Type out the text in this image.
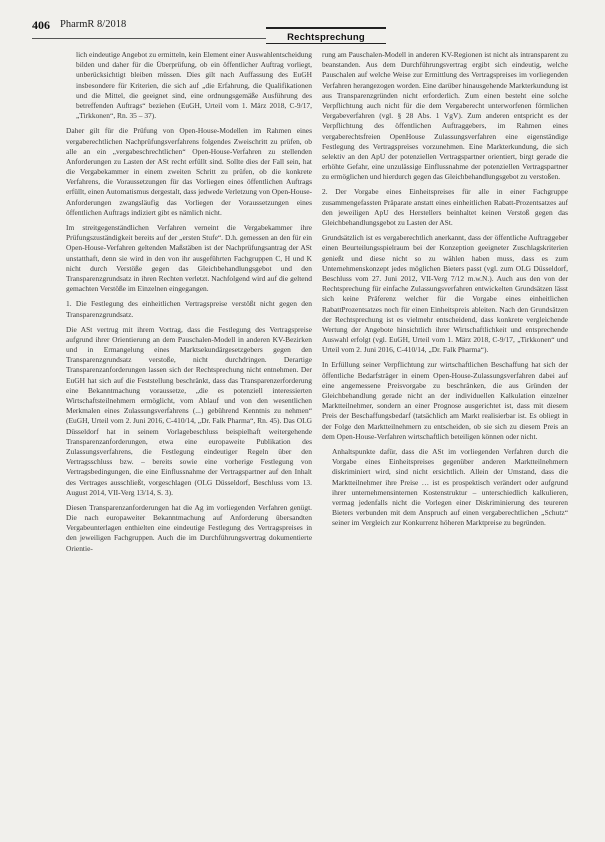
406 PharmR 8/2018
Rechtsprechung

lich eindeutige Angebot zu ermitteln, kein Element einer Auswahlentscheidung bilden und daher für die Überprüfung, ob ein öffentlicher Auftrag vorliegt, unberücksichtigt bleiben müssen. Dies gilt nach Auffassung des EuGH insbesondere für Kriterien, die sich auf „die Erfahrung, die Qualifikationen und die Mittel, die geeignet sind, eine ordnungsgemäße Ausführung des betreffenden Auftrags“ beziehen (EuGH, Urteil vom 1. März 2018, C-9/17, „Tirkkonen“, Rn. 35 – 37).

Daher gilt für die Prüfung von Open-House-Modellen im Rahmen eines vergaberechtlichen Nachprüfungsverfahrens folgendes Zweischritt zu prüfen, ob alle an ein „vergabeschrechtlichen“ Open-House-Verfahren zu stellenden Anforderungen zu Lasten der ASt recht erfüllt sind. Sollte dies der Fall sein, hat die Vergabekammer in einem zweiten Schritt zu prüfen, ob die konkrete Verfahrens, die Voraussetzungen für das Vorliegen eines öffentlichen Auftrags erfüllt, einen Automatismus dergestalt, dass jedwede Verletzung von Open-House-Anforderungen zwangsläufig das Vorliegen der Voraussetzungen eines öffentlichen Auftrags indiziert gibt es nämlich nicht.

Im streitgegenständlichen Verfahren verneint die Vergabekammer ihre Prüfungszuständigkeit bereits auf der „ersten Stufe“. D.h. gemessen an den für ein Open-House-Verfahren geltenden Maßstäben ist der Nachprüfungsantrag der ASt unstatthaft, denn sie wird in den von ihr ausgeführten Fachgruppen C, H und K nicht durch Verstöße gegen das Gleichbehandlungsgebot und den Transparenzgrundsatz in ihren Rechten verletzt. Nachfolgend wird auf die geltend gemachten Verstöße im Einzelnen eingegangen.

1. Die Festlegung des einheitlichen Vertragspreise verstößt nicht gegen den Transparenzgrundsatz.

Die ASt vertrug mit ihrem Vortrag, dass die Festlegung des Vertragspreise aufgrund ihrer Orientierung an dem Pauschalen-Modell in anderen KV-Bezirken und in Ermangelung eines Marktsekundärgesetzgebers gegen den Transparenzgrundsatz verstoße, nicht durchdringen. Derartige Transparenzanforderungen lassen sich der Rechtsprechung nicht entnehmen. Der EuGH hat sich auf die Feststellung beschränkt, dass das Transparenzerforderung eine Bekanntmachung voraussetze, „die es potenziell interessierten Wirtschaftsteilnehmern ermöglicht, vom Ablauf und von den wesentlichen Merkmalen eines Zulassungsverfahrens (...) gebührend Kenntnis zu nehmen“ (EuGH, Urteil vom 2. Juni 2016, C-410/14, „Dr. Falk Pharma“, Rn. 45). Das OLG Düsseldorf hat in seinem Vorlagebeschluss beispielhaft weitergehende Transparenzanforderungen, etwa eine europaweite Publikation des Zulassungsverfahrens, die Festlegung eindeutiger Regeln über den Vertragsschluss bzw. – bereits sowie eine vorherige Festlegung von Vertragsbedingungen, die eine Einflussnahme der Vertragspartner auf den Inhalt des Vertrages ausschließt, vorgeschlagen (OLG Düsseldorf, Beschluss vom 13. August 2014, VII-Verg 13/14, S. 3).

Diesen Transparenzanforderungen hat die Ag im vorliegenden Verfahren genügt. Die nach europaweiter Bekanntmachung auf Anforderung übersandten Vergabeunterlagen enthielten eine eindeutige Festlegung des Vertragspreises in den jeweiligen Fachgruppen. Auch die im Durchführungsvertrag dokumentierte Orientie-

rung am Pauschalen-Modell in anderen KV-Regionen ist nicht als intransparent zu beanstanden. Aus dem Durchführungsvertrag ergibt sich eindeutig, welche Pauschalen auf welche Weise zur Ermittlung des Vertragspreises im vorliegenden Verfahren herangezogen worden. Eine darüber hinausgehende Markterkundung ist aus Transparenzgründen nicht erforderlich. Zum einen besteht eine solche Verpflichtung auch nicht für die dem Vergaberecht unterworfenen förmlichen Vergabeverfahren (vgl. § 28 Abs. 1 VgV). Zum anderen entspricht es der Verpflichtung des öffentlichen Auftraggebers, im Rahmen eines vergaberechtsfreien OpenHouse Zulassungsverfahren eine eigenständige Festlegung des Vertragspreises vorzunehmen. Eine Markterkundung, die sich selektiv an den ApU der potenziellen Vertragspartner orientiert, birgt gerade die erhöhte Gefahr, eine unzulässige Einflussnahme der potenziellen Vertragspartner zu ermöglichen und hierdurch gegen das Gleichbehandlungsgebot zu verstoßen.

2. Der Vorgabe eines Einheitspreises für alle in einer Fachgruppe zusammengefassten Präparate anstatt eines einheitlichen Rabatt-Prozentsatzes auf den jeweiligen ApU des Herstellers beinhaltet keinen Verstoß gegen das Gleichbehandlungsgebot zu Lasten der ASt.

Grundsätzlich ist es vergaberechtlich anerkannt, dass der öffentliche Auftraggeber einen Beurteilungsspielraum bei der Konzeption geeigneter Zuschlagskriterien genießt und diese nicht so zu wählen haben muss, dass es zum Unternehmenskonzept jedes möglichen Bieters passt (vgl. zum OLG Düsseldorf, Beschluss vom 27. Juni 2012, VII-Verg 7/12 m.w.N.). Auch aus den von der Rechtsprechung für einfache Zulassungsverfahren entwickelten Grundsätzen lässt sich keine Präferenz welcher für die Vorgabe eines einheitlichen RabattProzentsatzes noch für einen Einheitspreis ableiten. Nach den Grundsätzen der Rechtsprechung ist es vielmehr entscheidend, dass konkrete vergleichende Wertung der Angebote hinsichtlich ihrer Wirtschaftlichkeit und entsprechende Auswahl erfolgt (vgl. EuGH, Urteil vom 1. März 2018, C-9/17, „Tirkkonen“ und Urteil vom 2. Juni 2016, C-410/14, „Dr. Falk Pharma“).

In Erfüllung seiner Verpflichtung zur wirtschaftlichen Beschaffung hat sich der öffentliche Bedarfsträger in einem Open-House-Zulassungsverfahren dabei auf eine angemessene Preisvorgabe zu beschränken, die aus Gründen der Gleichbehandlung gerade nicht an der individuellen Kalkulation einzelner Marktteilnehmer, sondern an einer Prognose ausgerichtet ist, dass mit diesem Preis der Beschaffungsbedarf (tatsächlich am Markt realisierbar ist. Es obliegt in der Folge den Marktteilnehmern zu entscheiden, ob sie sich zu diesem Preis an dem Open-House-Verfahren wirtschaftlich beteiligen können oder nicht.

Anhaltspunkte dafür, dass die ASt im vorliegenden Verfahren durch die Vorgabe eines Einheitspreises gegenüber anderen Marktteilnehmern diskriminiert wird, sind nicht ersichtlich. Allein der Umstand, dass die Marktteilnehmer ihre Preise … ist es prospektisch verändert oder aufgrund ihrer unternehmensinternen Kostenstruktur – unterschiedlich kalkulieren, vermag jedenfalls nicht die Vorlegen einer Diskriminierung des teureren Bieters verbunden mit dem Anspruch auf einen vergaberechtlichen „Schutz“ seiner im Vergleich zur Konkurrenz höheren Marktpreise zu begründen.
